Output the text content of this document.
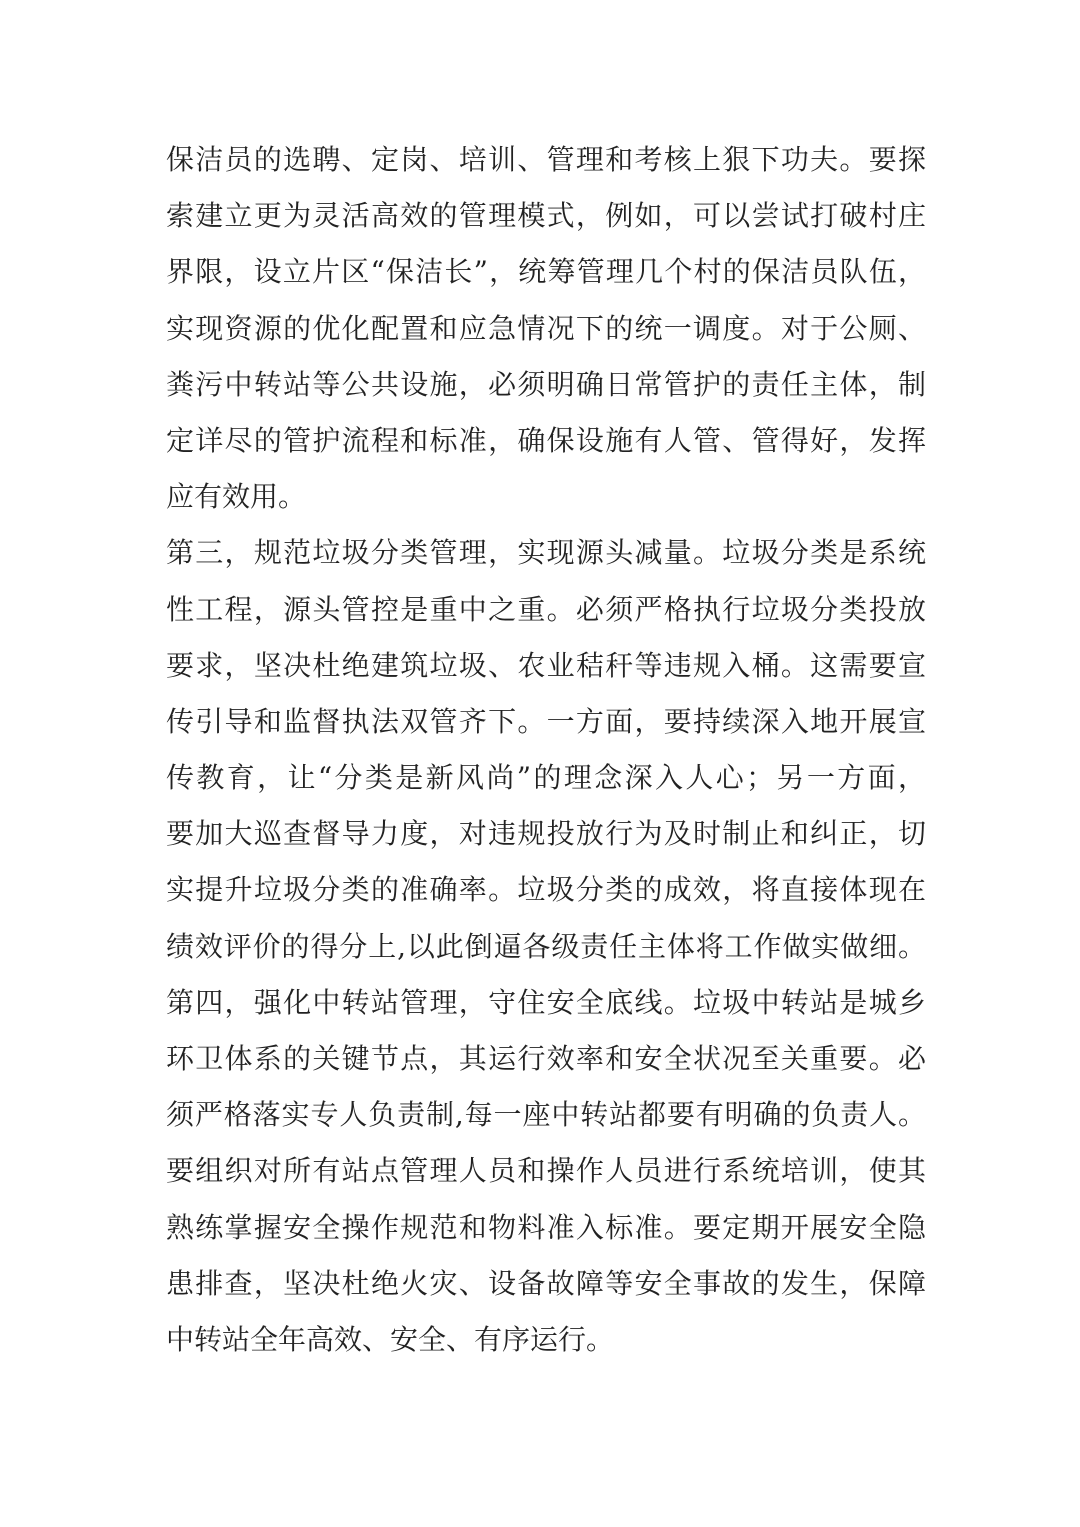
保洁员的选聘、定岗、培训、管理和考核上狠下功夫。要探
索建立更为灵活高效的管理模式，例如，可以尝试打破村庄
界限，设立片区“保洁长”，统筹管理几个村的保洁员队伍，
实现资源的优化配置和应急情况下的统一调度。对于公厕、
粪污中转站等公共设施，必须明确日常管护的责任主体，制
定详尽的管护流程和标准，确保设施有人管、管得好，发挥
应有效用。
第三，规范垃圾分类管理，实现源头减量。垃圾分类是系统
性工程，源头管控是重中之重。必须严格执行垃圾分类投放
要求，坚决杜绝建筑垃圾、农业秸秆等违规入桶。这需要宣
传引导和监督执法双管齐下。一方面，要持续深入地开展宣
传教育，让“分类是新风尚”的理念深入人心；另一方面，
要加大巡查督导力度，对违规投放行为及时制止和纠正，切
实提升垃圾分类的准确率。垃圾分类的成效，将直接体现在
绩效评价的得分上,以此倒逼各级责任主体将工作做实做细。
第四，强化中转站管理，守住安全底线。垃圾中转站是城乡
环卫体系的关键节点，其运行效率和安全状况至关重要。必
须严格落实专人负责制,每一座中转站都要有明确的负责人。
要组织对所有站点管理人员和操作人员进行系统培训，使其
熟练掌握安全操作规范和物料准入标准。要定期开展安全隐
患排查，坚决杜绝火灾、设备故障等安全事故的发生，保障
中转站全年高效、安全、有序运行。
